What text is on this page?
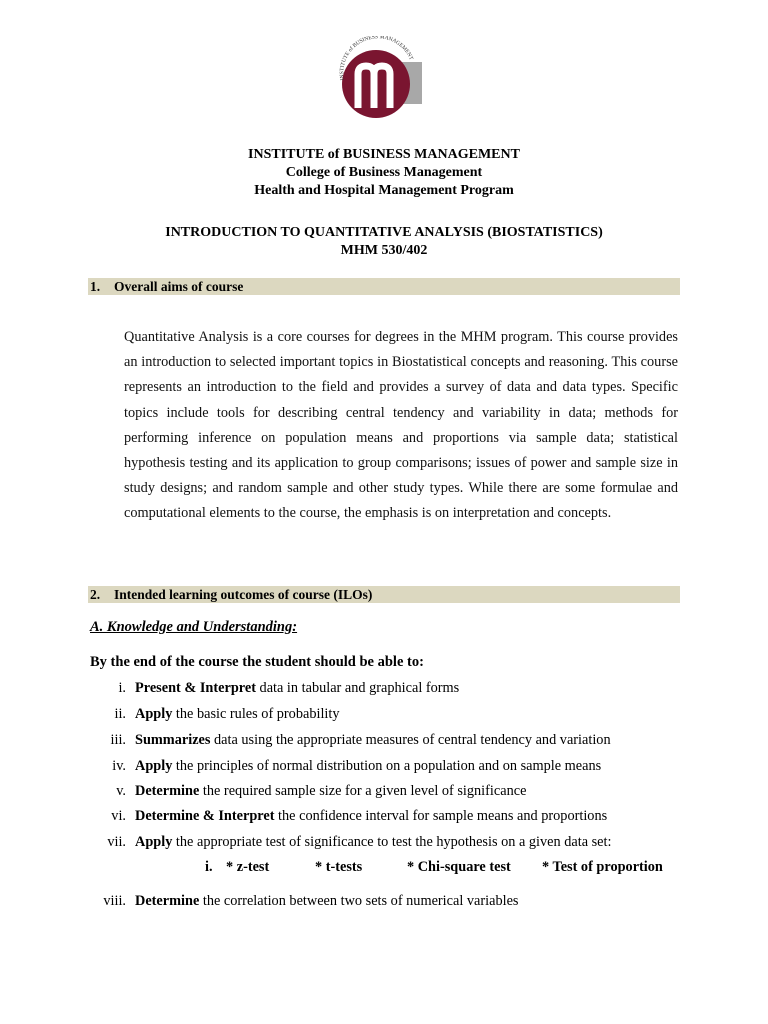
INSTITUTE of BUSINESS MANAGEMENT
INSTITUTE of BUSINESS MANAGEMENT
College of Business Management
Health and Hospital Management Program
INTRODUCTION TO QUANTITATIVE ANALYSIS (BIOSTATISTICS)
MHM 530/402
1. Overall aims of course

Quantitative Analysis is a core courses for degrees in the MHM program. This course provides an introduction to selected important topics in Biostatistical concepts and reasoning. This course represents an introduction to the field and provides a survey of data and data types. Specific topics include tools for describing central tendency and variability in data; methods for performing inference on population means and proportions via sample data; statistical hypothesis testing and its application to group comparisons; issues of power and sample size in study designs; and random sample and other study types. While there are some formulae and computational elements to the course, the emphasis is on interpretation and concepts.

2. Intended learning outcomes of course (ILOs)
A. Knowledge and Understanding:
By the end of the course the student should be able to:
i. Present & Interpret data in tabular and graphical forms
ii. Apply the basic rules of probability
iii. Summarizes data using the appropriate measures of central tendency and variation
iv. Apply the principles of normal distribution on a population and on sample means
v. Determine the required sample size for a given level of significance
vi. Determine & Interpret the confidence interval for sample means and proportions
vii. Apply the appropriate test of significance to test the hypothesis on a given data set:
i. * z-test	* t-tests	* Chi-square test * Test of proportion
viii. Determine the correlation between two sets of numerical variables
